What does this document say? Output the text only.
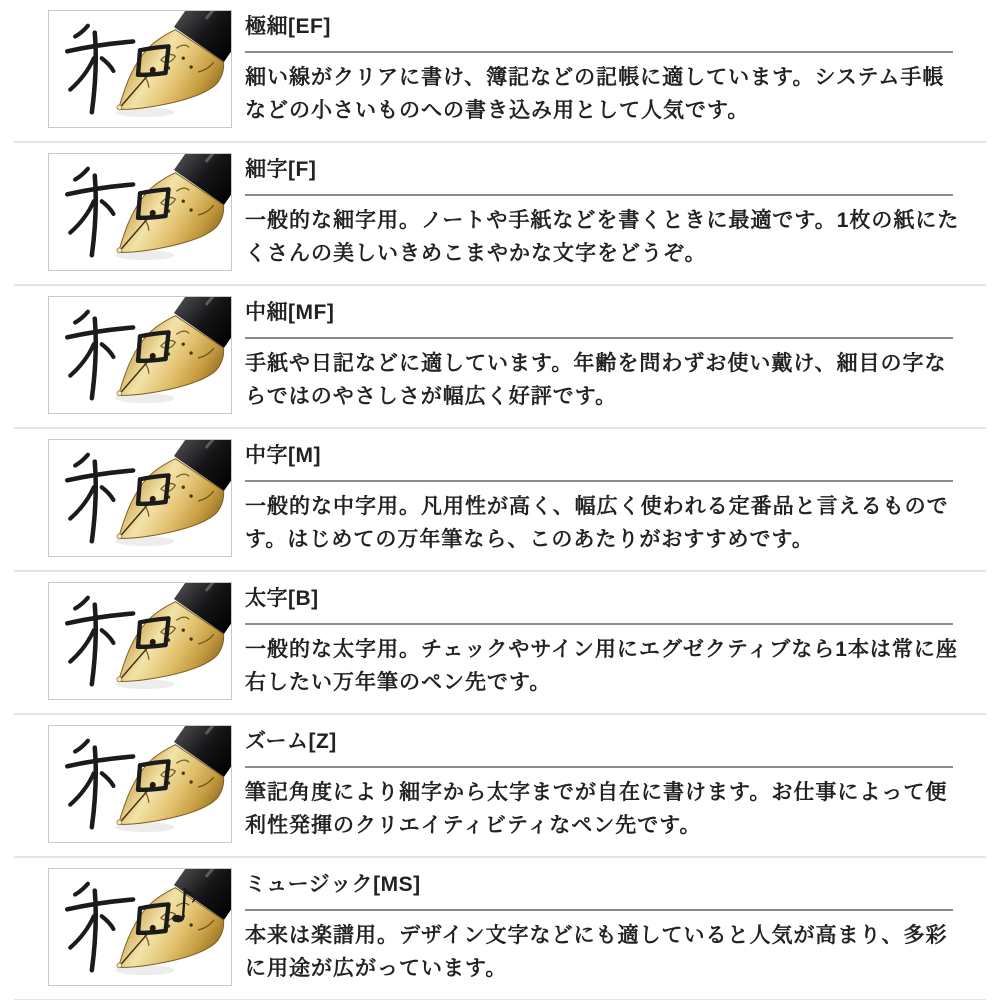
極細[EF]

細い線がクリアに書け、簿記などの記帳に適しています。システム手帳などの小さいものへの書き込み用として人気です。

細字[F]

一般的な細字用。ノートや手紙などを書くときに最適です。1枚の紙にたくさんの美しいきめこまやかな文字をどうぞ。

中細[MF]

手紙や日記などに適しています。年齢を問わずお使い戴け、細目の字ならではのやさしさが幅広く好評です。

中字[M]

一般的な中字用。凡用性が高く、幅広く使われる定番品と言えるものです。はじめての万年筆なら、このあたりがおすすめです。

太字[B]

一般的な太字用。チェックやサイン用にエグゼクティブなら1本は常に座右したい万年筆のペン先です。

ズーム[Z]

筆記角度により細字から太字までが自在に書けます。お仕事によって便利性発揮のクリエイティビティなペン先です。

♪ ミュージック[MS]

本来は楽譜用。デザイン文字などにも適していると人気が高まり、多彩に用途が広がっています。
